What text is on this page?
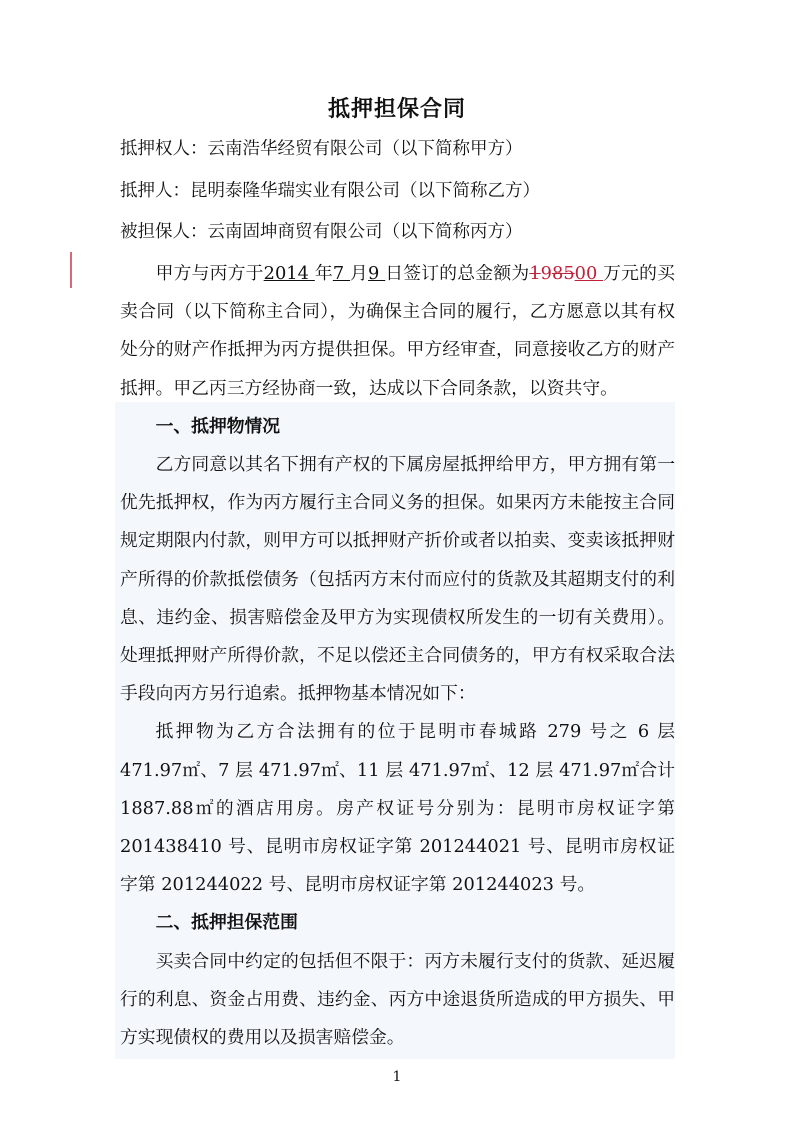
抵押担保合同
抵押权人：云南浩华经贸有限公司（以下简称甲方）
抵押人：昆明泰隆华瑞实业有限公司（以下简称乙方）
被担保人：云南固坤商贸有限公司（以下简称丙方）

甲方与丙方于2014 年7 月9 日签订的总金额为198500 万元的买卖合同（以下简称主合同），为确保主合同的履行，乙方愿意以其有权处分的财产作抵押为丙方提供担保。甲方经审查，同意接收乙方的财产抵押。甲乙丙三方经协商一致，达成以下合同条款，以资共守。

一、抵押物情况

乙方同意以其名下拥有产权的下属房屋抵押给甲方，甲方拥有第一优先抵押权，作为丙方履行主合同义务的担保。如果丙方未能按主合同规定期限内付款，则甲方可以抵押财产折价或者以拍卖、变卖该抵押财产所得的价款抵偿债务（包括丙方末付而应付的货款及其超期支付的利息、违约金、损害赔偿金及甲方为实现债权所发生的一切有关费用）。处理抵押财产所得价款，不足以偿还主合同债务的，甲方有权采取合法手段向丙方另行追索。抵押物基本情况如下：

抵押物为乙方合法拥有的位于昆明市春城路 279 号之 6 层 471.97㎡、7 层 471.97㎡、11 层 471.97㎡、12 层 471.97㎡合计 1887.88㎡的酒店用房。房产权证号分别为：昆明市房权证字第 201438410 号、昆明市房权证字第 201244021 号、昆明市房权证字第 201244022 号、昆明市房权证字第 201244023 号。

二、抵押担保范围

买卖合同中约定的包括但不限于：丙方未履行支付的货款、延迟履行的利息、资金占用费、违约金、丙方中途退货所造成的甲方损失、甲方实现债权的费用以及损害赔偿金。

1
